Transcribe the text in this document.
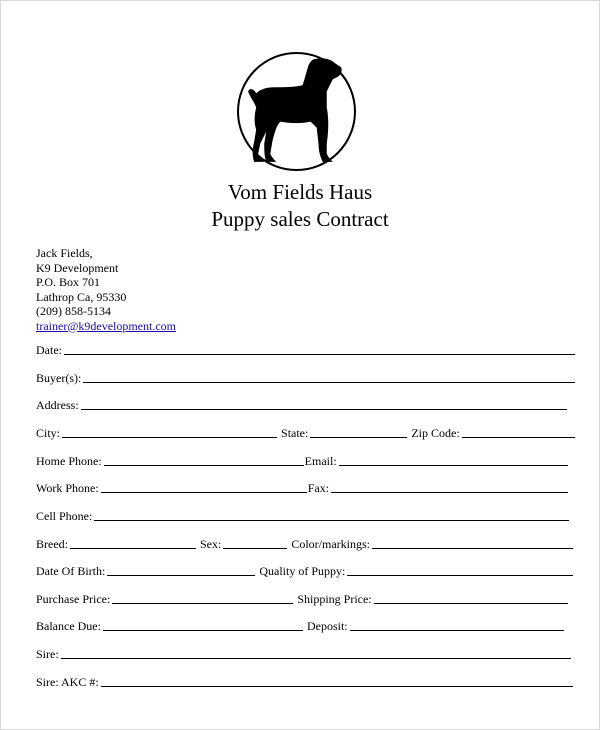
Vom Fields Haus
Puppy sales Contract
Jack Fields,
K9 Development
P.O. Box 701
Lathrop Ca, 95330
(209) 858-5134
trainer@k9development.com
Date:
Buyer(s):
Address:
City:	State:	Zip Code:
Home Phone:	Email:
Work Phone:	Fax:
Cell Phone:
Breed:	Sex:	Color/markings:
Date Of Birth:	Quality of Puppy:
Purchase Price:	Shipping Price:
Balance Due:	Deposit:
Sire:
Sire: AKC #:
